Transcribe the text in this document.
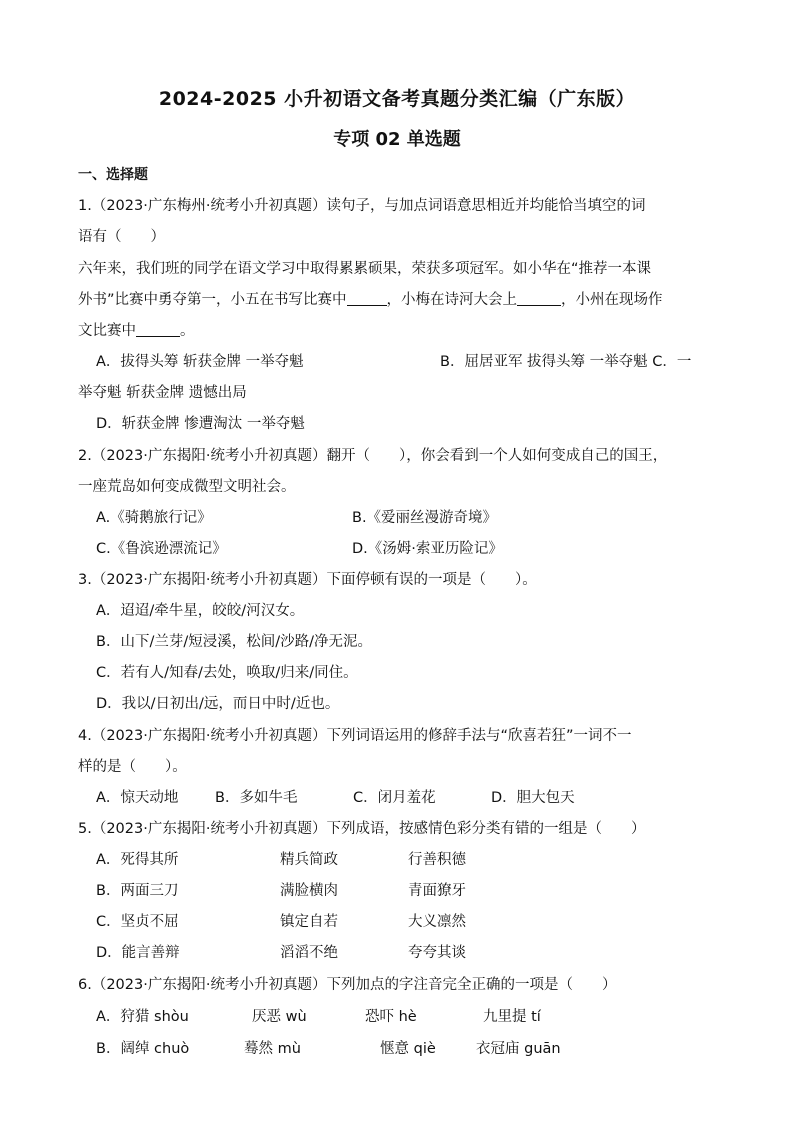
2024-2025 小升初语文备考真题分类汇编（广东版）
专项 02 单选题
一、选择题
1.（2023·广东梅州·统考小升初真题）读句子，与加点词语意思相近并均能恰当填空的词
语有（　　）
六年来，我们班的同学在语文学习中取得累累硕果，荣获多项冠军。如小华在“推荐一本课
外书”比赛中勇夺第一，小五在书写比赛中	，小梅在诗河大会上	，小州在现场作
文比赛中	。
A．拔得头筹 斩获金牌 一举夺魁	B．屈居亚军 拔得头筹 一举夺魁 C．一
举夺魁 斩获金牌 遗憾出局
D．斩获金牌 惨遭淘汰 一举夺魁
2.（2023·广东揭阳·统考小升初真题）翻开（　　），你会看到一个人如何变成自己的国王，
一座荒岛如何变成微型文明社会。
A.《骑鹅旅行记》	B.《爱丽丝漫游奇境》
C.《鲁滨逊漂流记》	D.《汤姆·索亚历险记》
3.（2023·广东揭阳·统考小升初真题）下面停顿有误的一项是（　　）。
A．迢迢/牵牛星，皎皎/河汉女。
B．山下/兰芽/短浸溪，松间/沙路/净无泥。
C．若有人/知春/去处，唤取/归来/同住。
D．我以/日初出/远，而日中时/近也。
4.（2023·广东揭阳·统考小升初真题）下列词语运用的修辞手法与“欣喜若狂”一词不一
样的是（　　）。
A．惊天动地	B．多如牛毛	C．闭月羞花	D．胆大包天
5.（2023·广东揭阳·统考小升初真题）下列成语，按感情色彩分类有错的一组是（　　）
A．死得其所	精兵简政	行善积德
B．两面三刀	满脸横肉	青面獠牙
C．坚贞不屈	镇定自若	大义凛然
D．能言善辩	滔滔不绝	夸夸其谈
6.（2023·广东揭阳·统考小升初真题）下列加点的字注音完全正确的一项是（　　）
A．狩猎 shòu	厌恶 wù	恐吓 hè	九里提 tí
B．阔绰 chuò	蓦然 mù	惬意 qiè	衣冠庙 guān
